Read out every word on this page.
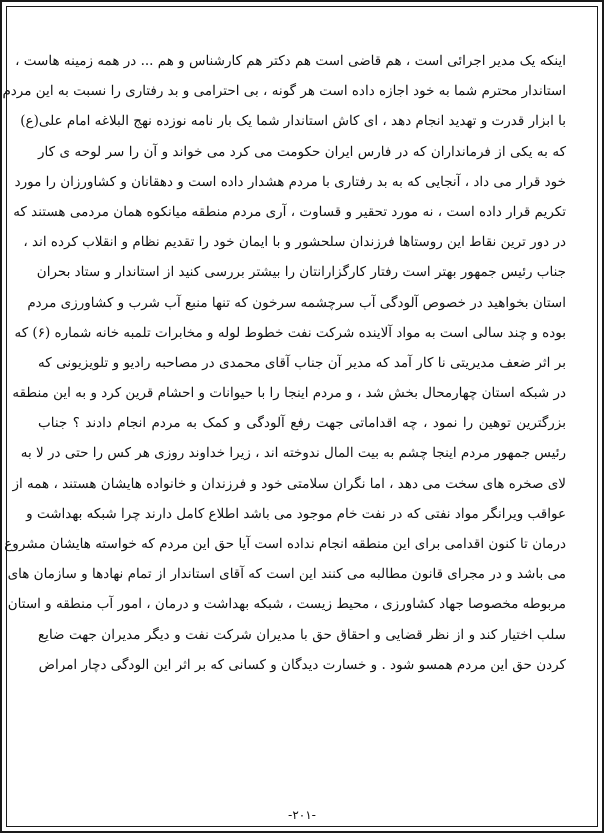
اینکه یک مدیر اجرائی است ، هم قاضی است هم دکتر هم کارشناس و هم ... در همه زمینه هاست ،
استاندار محترم شما به خود اجازه داده است هر گونه ، بی احترامی و بد رفتاری را نسبت به این مردم
با ابزار قدرت و تهدید انجام دهد ، ای کاش استاندار شما یک بار نامه نوزده نهج البلاغه امام علی(ع)
که به یکی از فرمانداران که در فارس ایران حکومت می کرد می خواند و آن را سر لوحه ی کار
خود قرار می داد ، آنجایی که به بد رفتاری با مردم هشدار داده است و دهقانان و کشاورزان را مورد
تکریم قرار داده است ، نه مورد تحقیر و قساوت ، آری مردم منطقه میانکوه همان مردمی هستند که
در دور ترین نقاط این روستاها فرزندان سلحشور و با ایمان خود را تقدیم نظام و انقلاب کرده اند ،
جناب رئیس جمهور بهتر است رفتار کارگزارانتان را بیشتر بررسی کنید از استاندار و ستاد بحران
استان بخواهید در خصوص آلودگی آب سرچشمه سرخون که تنها منبع آب شرب و کشاورزی مردم
بوده و چند سالی است به مواد آلاینده شرکت نفت خطوط لوله و مخابرات تلمبه خانه شماره (۶) که
بر اثر ضعف مدیریتی نا کار آمد که مدیر آن جناب آقای محمدی در مصاحبه رادیو و تلویزیونی که
در شبکه استان چهارمحال بخش شد ، و مردم اینجا را با حیوانات و احشام قرین کرد و به این منطقه
بزرگترین توهین را نمود ، چه اقداماتی جهت رفع آلودگی و کمک به مردم انجام دادند ؟ جناب
رئیس جمهور مردم اینجا چشم به بیت المال ندوخته اند ، زیرا خداوند روزی هر کس را حتی در لا به
لای صخره های سخت می دهد ، اما نگران سلامتی خود و فرزندان و خانواده هایشان هستند ، همه از
عواقب ویرانگر مواد نفتی که در نفت خام موجود می باشد اطلاع کامل دارند چرا شبکه بهداشت و
درمان تا کنون اقدامی برای این منطقه انجام نداده است آیا حق این مردم که خواسته هایشان مشروع
می باشد و در مجرای قانون مطالبه می کنند این است که آقای استاندار از تمام نهادها و سازمان های
مربوطه مخصوصا جهاد کشاورزی ، محیط زیست ، شبکه بهداشت و درمان ، امور آب منطقه و استان
سلب اختیار کند و از نظر قضایی و احقاق حق با مدیران شرکت نفت و دیگر مدیران جهت ضایع
کردن حق این مردم همسو شود . و خسارت دیدگان و کسانی که بر اثر این الودگی دچار امراض
-۲۰۱-
